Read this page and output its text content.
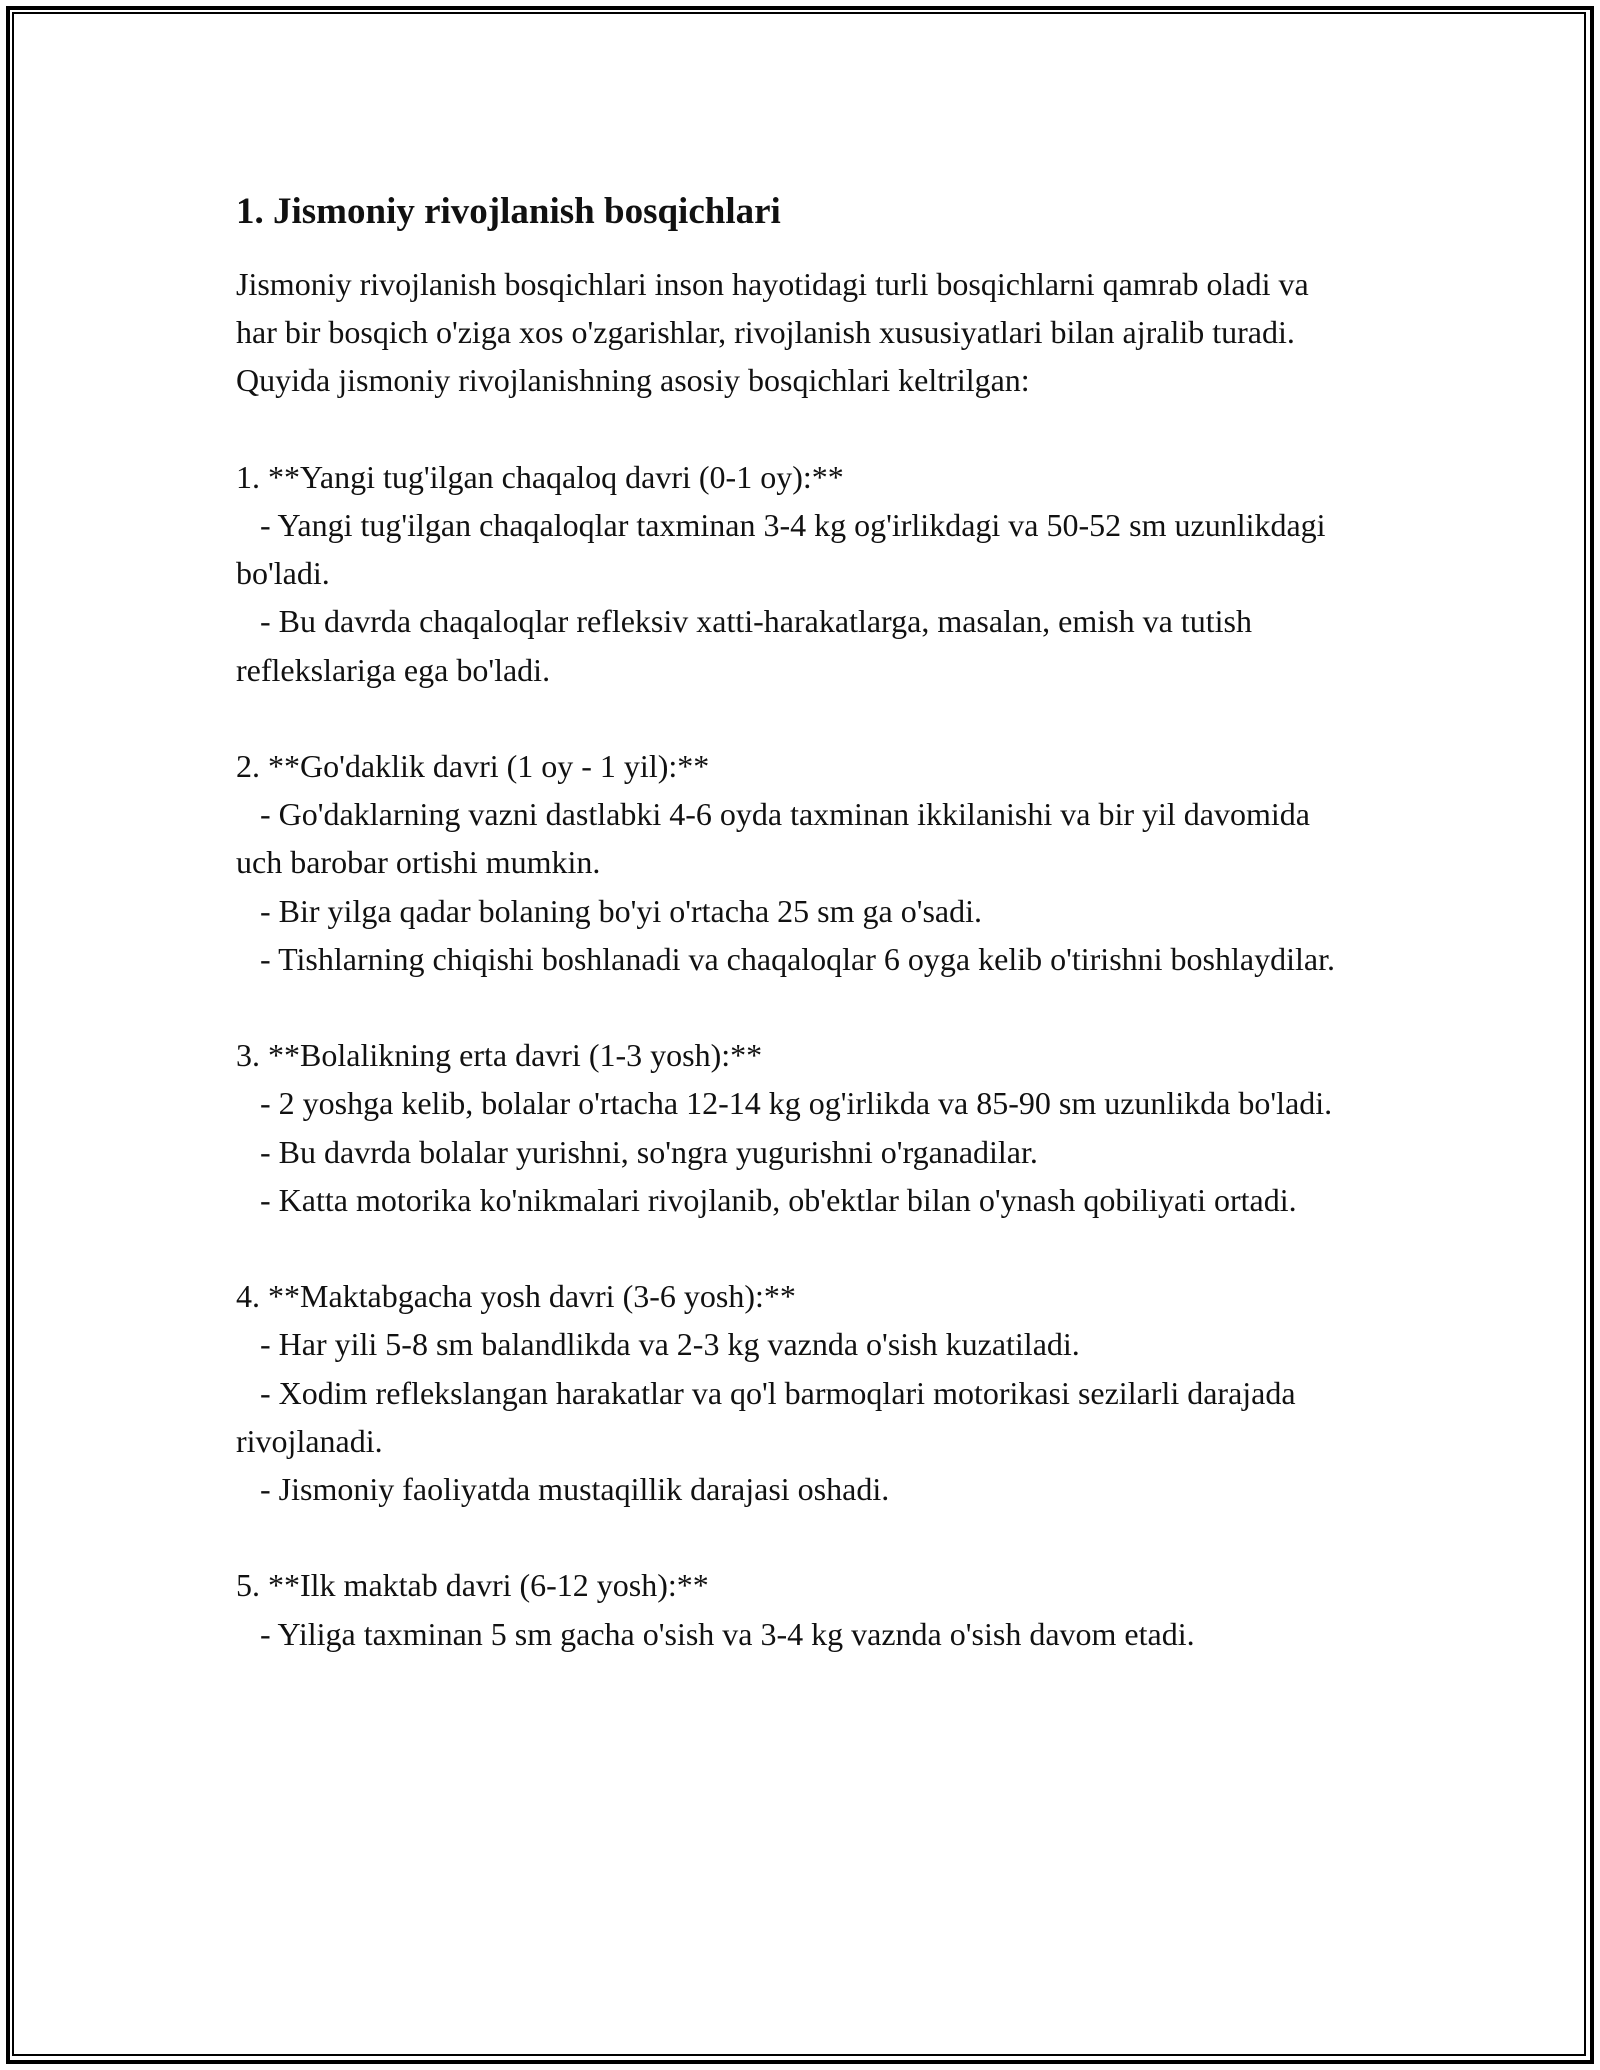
1. Jismoniy rivojlanish bosqichlari

Jismoniy rivojlanish bosqichlari inson hayotidagi turli bosqichlarni qamrab oladi va har bir bosqich o'ziga xos o'zgarishlar, rivojlanish xususiyatlari bilan ajralib turadi. Quyida jismoniy rivojlanishning asosiy bosqichlari keltrilgan:

1. **Yangi tug'ilgan chaqaloq davri (0-1 oy):**

- Yangi tug'ilgan chaqaloqlar taxminan 3-4 kg og'irlikdagi va 50-52 sm uzunlikdagi bo'ladi.

- Bu davrda chaqaloqlar refleksiv xatti-harakatlarga, masalan, emish va tutish reflekslariga ega bo'ladi.

2. **Go'daklik davri (1 oy - 1 yil):**

- Go'daklarning vazni dastlabki 4-6 oyda taxminan ikkilanishi va bir yil davomida uch barobar ortishi mumkin.

- Bir yilga qadar bolaning bo'yi o'rtacha 25 sm ga o'sadi.

- Tishlarning chiqishi boshlanadi va chaqaloqlar 6 oyga kelib o'tirishni boshlaydilar.

3. **Bolalikning erta davri (1-3 yosh):**

- 2 yoshga kelib, bolalar o'rtacha 12-14 kg og'irlikda va 85-90 sm uzunlikda bo'ladi.

- Bu davrda bolalar yurishni, so'ngra yugurishni o'rganadilar.

- Katta motorika ko'nikmalari rivojlanib, ob'ektlar bilan o'ynash qobiliyati ortadi.

4. **Maktabgacha yosh davri (3-6 yosh):**

- Har yili 5-8 sm balandlikda va 2-3 kg vaznda o'sish kuzatiladi.

- Xodim reflekslangan harakatlar va qo'l barmoqlari motorikasi sezilarli darajada rivojlanadi.

- Jismoniy faoliyatda mustaqillik darajasi oshadi.

5. **Ilk maktab davri (6-12 yosh):**

- Yiliga taxminan 5 sm gacha o'sish va 3-4 kg vaznda o'sish davom etadi.
